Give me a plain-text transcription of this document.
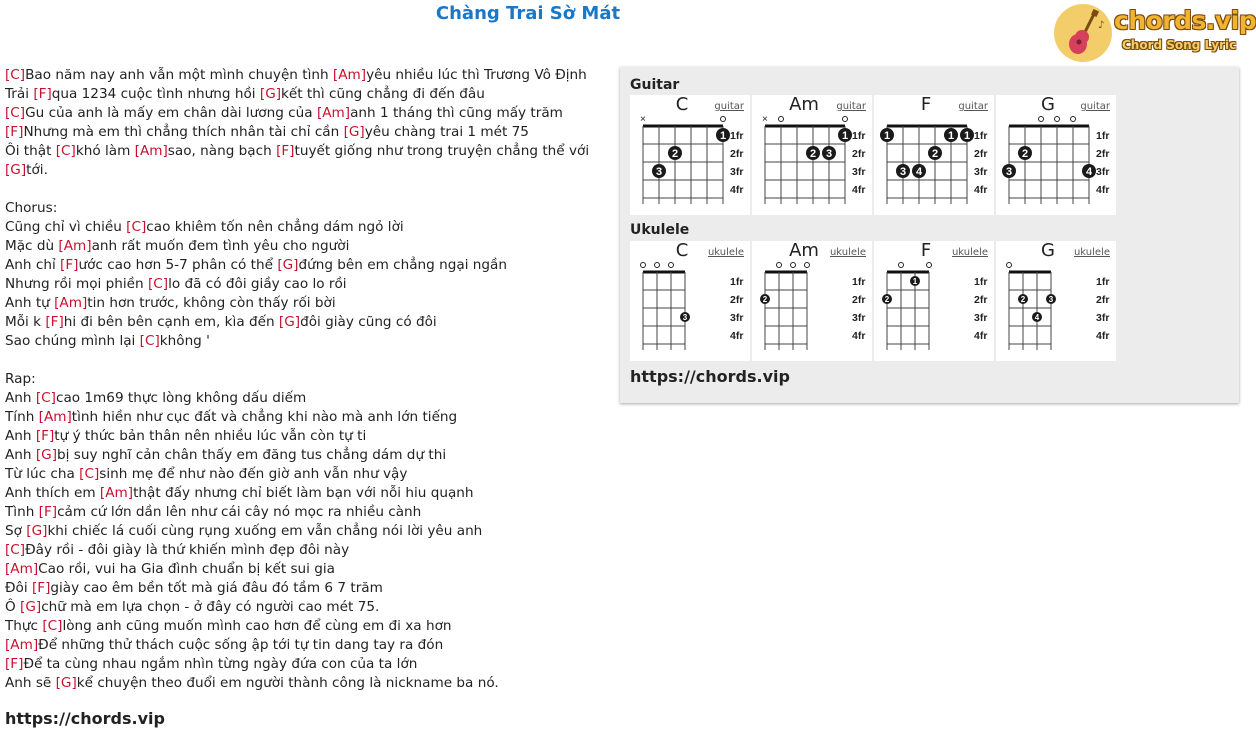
Chàng Trai Sờ Mát
♪ chords.vip
Chord Song Lyric
[C]Bao năm nay anh vẫn một mình chuyện tình [Am]yêu nhiều lúc thì Trương Vô Định
Trải [F]qua 1234 cuộc tình nhưng hồi [G]kết thì cũng chẳng đi đến đâu
[C]Gu của anh là mấy em chân dài lương của [Am]anh 1 tháng thì cũng mấy trăm
[F]Nhưng mà em thì chẳng thích nhân tài chỉ cần [G]yêu chàng trai 1 mét 75
Ôi thật [C]khó làm [Am]sao, nàng bạch [F]tuyết giống như trong truyện chẳng thể với
[G]tới.
Chorus:
Cũng chỉ vì chiều [C]cao khiêm tốn nên chẳng dám ngỏ lời
Mặc dù [Am]anh rất muốn đem tình yêu cho người
Anh chỉ [F]ước cao hơn 5-7 phân có thể [G]đứng bên em chẳng ngại ngần
Nhưng rồi mọi phiền [C]lo đã có đôi giầy cao lo rồi
Anh tự [Am]tin hơn trước, không còn thấy rối bời
Mỗi k [F]hi đi bên bên cạnh em, kìa đến [G]đôi giày cũng có đôi
Sao chúng mình lại [C]không '
Rap:
Anh [C]cao 1m69 thực lòng không dấu diếm
Tính [Am]tình hiền như cục đất và chẳng khi nào mà anh lớn tiếng
Anh [F]tự ý thức bản thân nên nhiều lúc vẫn còn tự ti
Anh [G]bị suy nghĩ cản chân thấy em đăng tus chẳng dám dự thi
Từ lúc cha [C]sinh mẹ để như nào đến giờ anh vẫn như vậy
Anh thích em [Am]thật đấy nhưng chỉ biết làm bạn với nỗi hiu quạnh
Tình [F]cảm cứ lớn dần lên như cái cây nó mọc ra nhiều cành
Sợ [G]khi chiếc lá cuối cùng rụng xuống em vẫn chẳng nói lời yêu anh
[C]Đây rồi - đôi giày là thứ khiến mình đẹp đôi này
[Am]Cao rồi, vui ha Gia đình chuẩn bị kết sui gia
Đôi [F]giày cao êm bền tốt mà giá đâu đó tầm 6 7 trăm
Ô [G]chữ mà em lựa chọn - ở đây có người cao mét 75.
Thực [C]lòng anh cũng muốn mình cao hơn để cùng em đi xa hơn
[Am]Để những thử thách cuộc sống ập tới tự tin dang tay ra đón
[F]Để ta cùng nhau ngắm nhìn từng ngày đứa con của ta lớn
Anh sẽ [G]kể chuyện theo đuổi em người thành công là nickname ba nó.
https://chords.vip
Guitar
C	guitar
1fr
2fr
3fr
4fr
×
1
2
3
Am	guitar
1fr
2fr
3fr
4fr
×
2 3
1
F	guitar
1fr
2fr
3fr
4fr
1	1
1
2
3 4
G	guitar
1fr
2fr
3fr
4fr
2
3	4
Ukulele
C	ukulele
1fr
2fr
3fr
4fr
3
Am	ukulele
1fr
2fr
3fr
4fr
2
F	ukulele
1fr
2fr
3fr
4fr
2
1
G	ukulele
1fr
2fr
3fr
4fr
2	3
4
https://chords.vip
